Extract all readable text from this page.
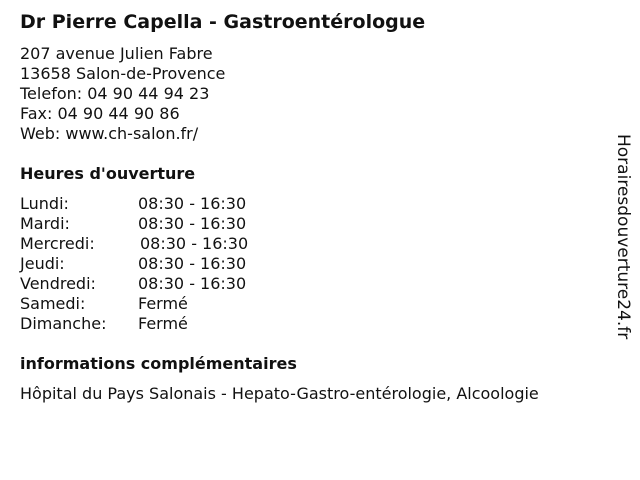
Dr Pierre Capella - Gastroentérologue
207 avenue Julien Fabre
13658 Salon-de-Provence
Telefon: 04 90 44 94 23
Fax: 04 90 44 90 86
Web: www.ch-salon.fr/
Heures d'ouverture
Lundi:	08:30 - 16:30
Mardi:	08:30 - 16:30
Mercredi:	08:30 - 16:30
Jeudi:	08:30 - 16:30
Vendredi:	08:30 - 16:30
Samedi:	Fermé
Dimanche:	Fermé
informations complémentaires
Hôpital du Pays Salonais - Hepato-Gastro-entérologie, Alcoologie
Horairesdouverture24.fr
